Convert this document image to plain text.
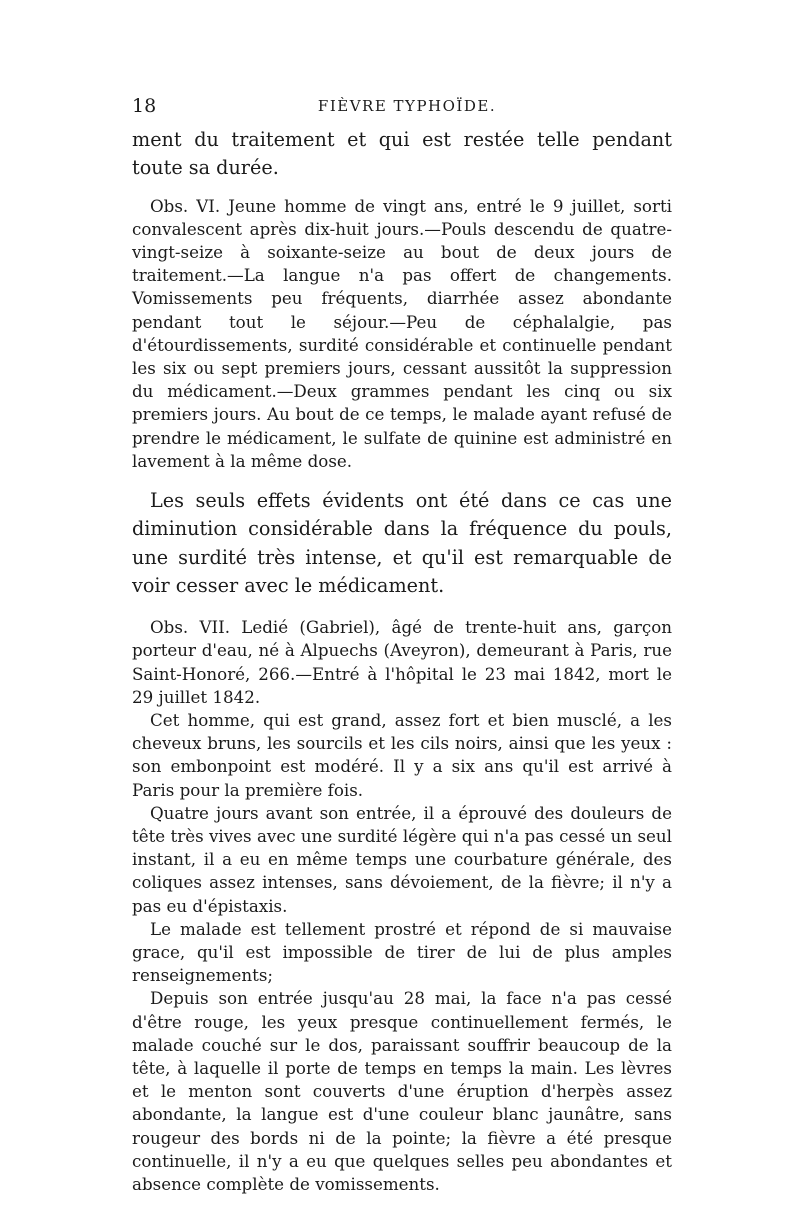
18	FIÈVRE TYPHOÏDE.

ment du traitement et qui est restée telle pendant toute sa durée.

Obs. VI. Jeune homme de vingt ans, entré le 9 juillet, sorti convalescent après dix-huit jours.—Pouls descendu de quatre-vingt-seize à soixante-seize au bout de deux jours de traitement.—La langue n'a pas offert de changements. Vomissements peu fréquents, diarrhée assez abondante pendant tout le séjour.—Peu de céphalalgie, pas d'étourdissements, surdité considérable et continuelle pendant les six ou sept premiers jours, cessant aussitôt la suppression du médicament.—Deux grammes pendant les cinq ou six premiers jours. Au bout de ce temps, le malade ayant refusé de prendre le médicament, le sulfate de quinine est administré en lavement à la même dose.

Les seuls effets évidents ont été dans ce cas une diminution considérable dans la fréquence du pouls, une surdité très intense, et qu'il est remarquable de voir cesser avec le médicament.

Obs. VII. Ledié (Gabriel), âgé de trente-huit ans, garçon porteur d'eau, né à Alpuechs (Aveyron), demeurant à Paris, rue Saint-Honoré, 266.—Entré à l'hôpital le 23 mai 1842, mort le 29 juillet 1842.

Cet homme, qui est grand, assez fort et bien musclé, a les cheveux bruns, les sourcils et les cils noirs, ainsi que les yeux : son embonpoint est modéré. Il y a six ans qu'il est arrivé à Paris pour la première fois.

Quatre jours avant son entrée, il a éprouvé des douleurs de tête très vives avec une surdité légère qui n'a pas cessé un seul instant, il a eu en même temps une courbature générale, des coliques assez intenses, sans dévoiement, de la fièvre; il n'y a pas eu d'épistaxis.

Le malade est tellement prostré et répond de si mauvaise grace, qu'il est impossible de tirer de lui de plus amples renseignements;

Depuis son entrée jusqu'au 28 mai, la face n'a pas cessé d'être rouge, les yeux presque continuellement fermés, le malade couché sur le dos, paraissant souffrir beaucoup de la tête, à laquelle il porte de temps en temps la main. Les lèvres et le menton sont couverts d'une éruption d'herpès assez abondante, la langue est d'une couleur blanc jaunâtre, sans rougeur des bords ni de la pointe; la fièvre a été presque continuelle, il n'y a eu que quelques selles peu abondantes et absence complète de vomissements.
